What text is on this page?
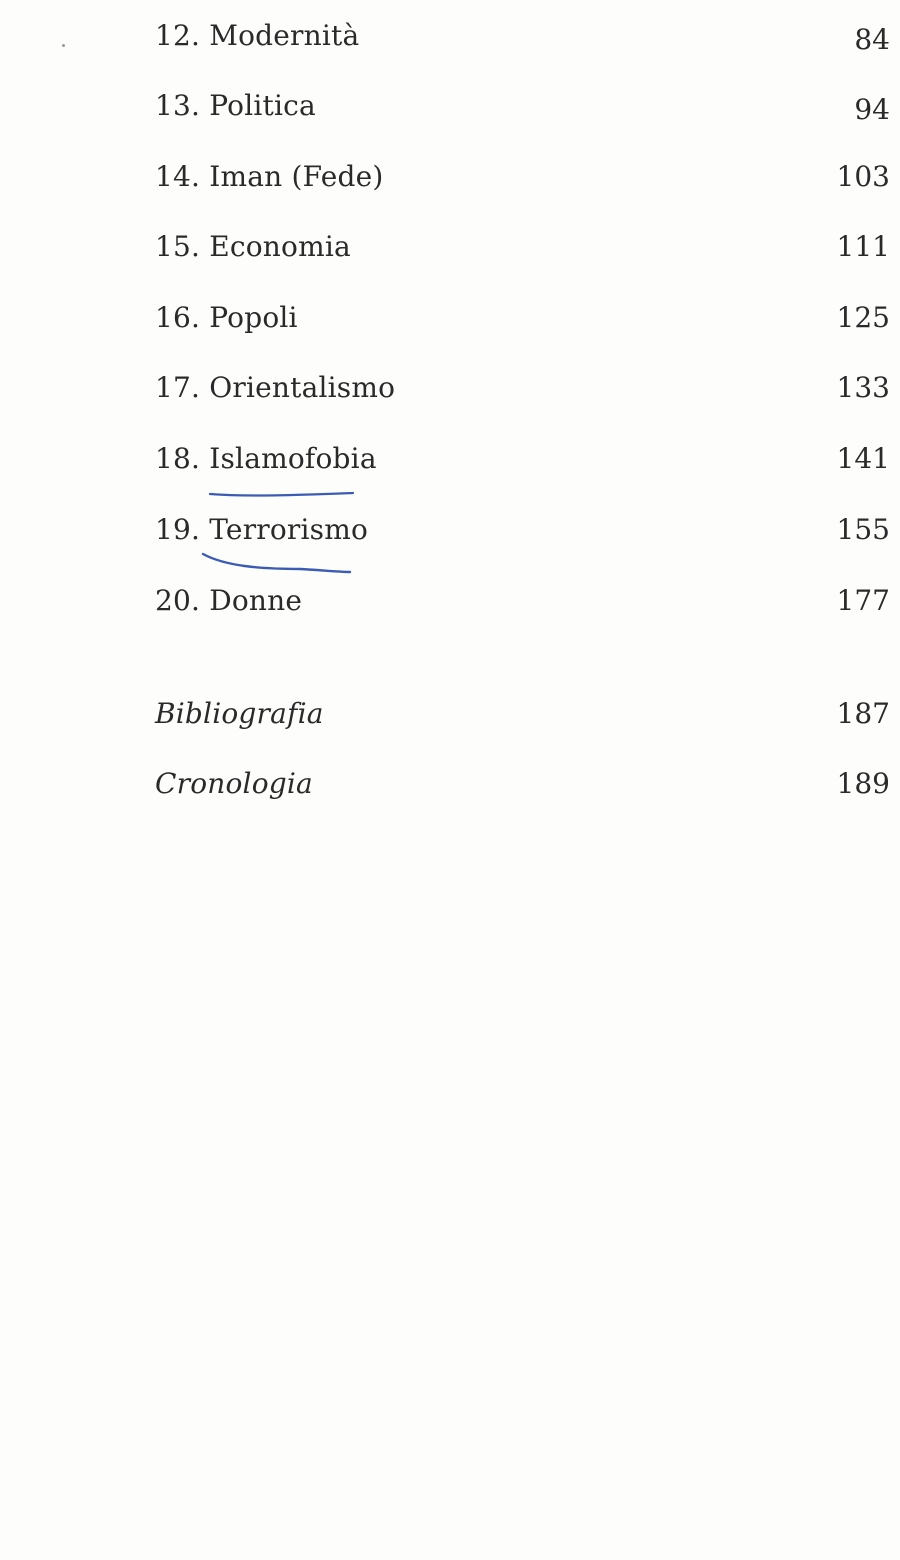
12. Modernità	84
13. Politica	94
14. Iman (Fede)	103
15. Economia	111
16. Popoli	125
17. Orientalismo	133
18. Islamofobia	141
19. Terrorismo	155
20. Donne	177
Bibliografia	187
Cronologia	189
